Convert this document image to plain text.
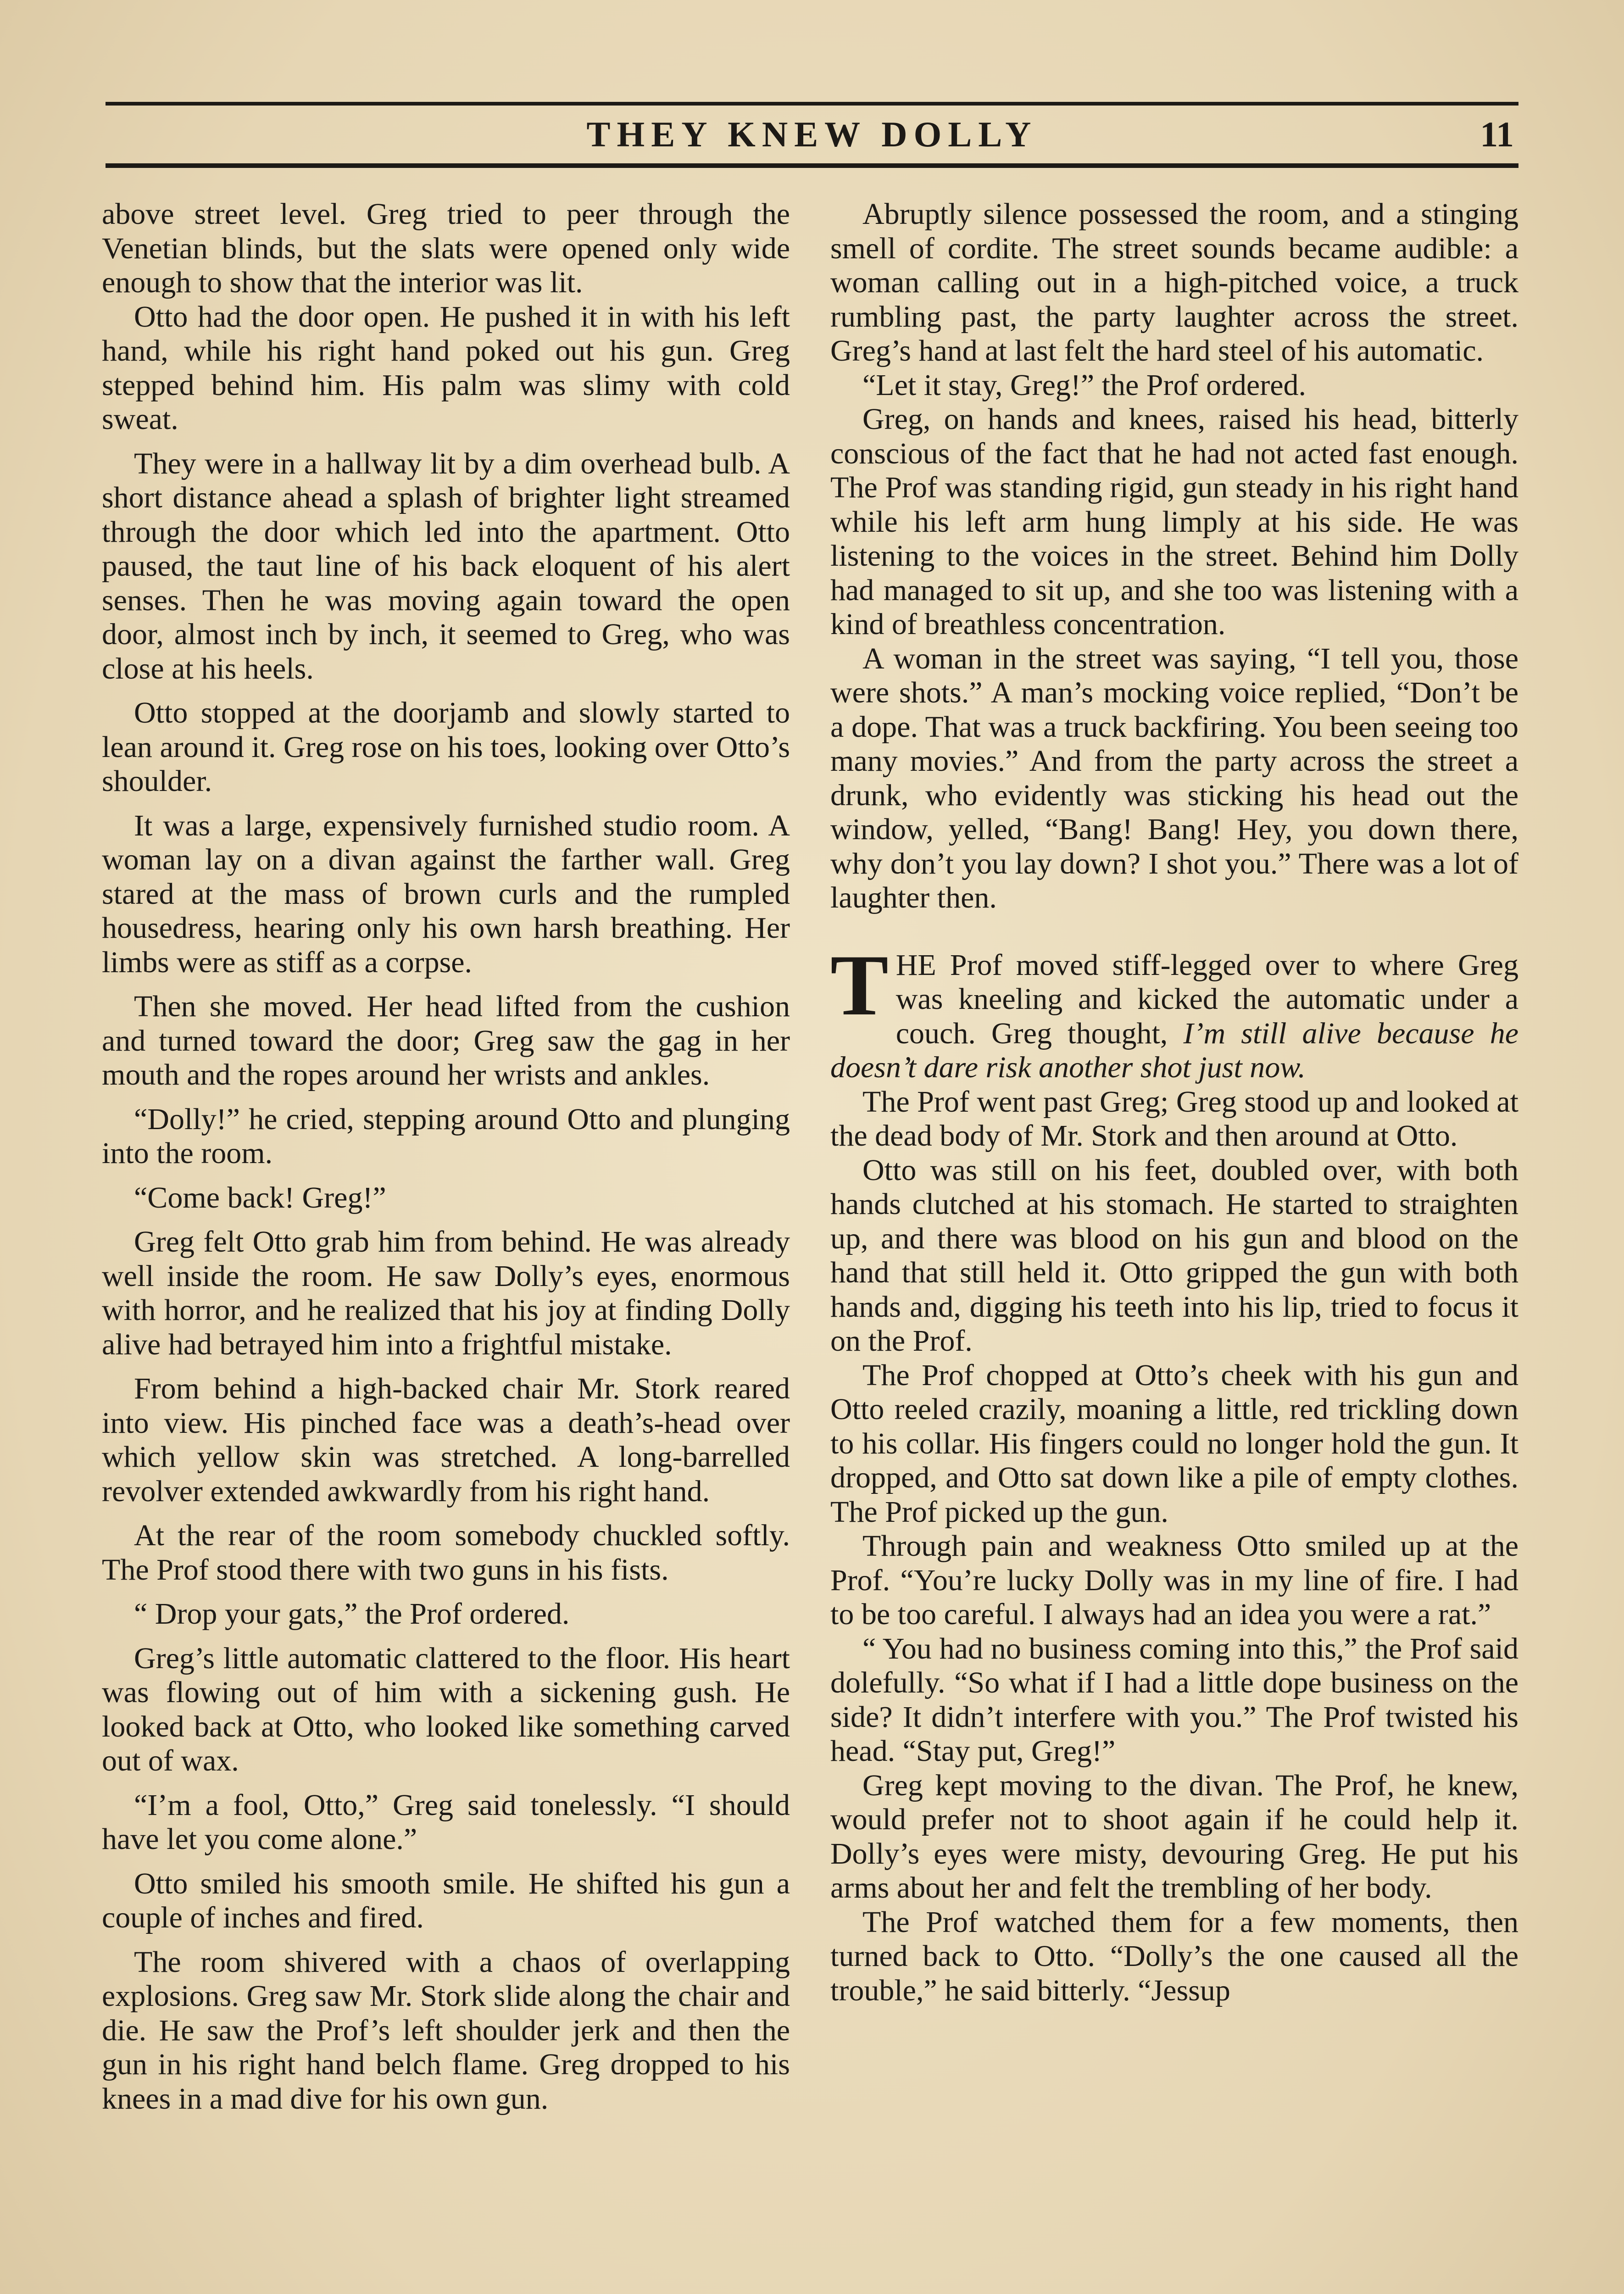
THEY KNEW DOLLY	11

above street level. Greg tried to peer through the Venetian blinds, but the slats were opened only wide enough to show that the interior was lit.

Otto had the door open. He pushed it in with his left hand, while his right hand poked out his gun. Greg stepped behind him. His palm was slimy with cold sweat.

They were in a hallway lit by a dim overhead bulb. A short distance ahead a splash of brighter light streamed through the door which led into the apartment. Otto paused, the taut line of his back eloquent of his alert senses. Then he was moving again toward the open door, almost inch by inch, it seemed to Greg, who was close at his heels.

Otto stopped at the doorjamb and slowly started to lean around it. Greg rose on his toes, looking over Otto’s shoulder.

It was a large, expensively furnished studio room. A woman lay on a divan against the farther wall. Greg stared at the mass of brown curls and the rumpled housedress, hearing only his own harsh breathing. Her limbs were as stiff as a corpse.

Then she moved. Her head lifted from the cushion and turned toward the door; Greg saw the gag in her mouth and the ropes around her wrists and ankles.

“Dolly!” he cried, stepping around Otto and plunging into the room.

“Come back! Greg!”

Greg felt Otto grab him from behind. He was already well inside the room. He saw Dolly’s eyes, enormous with horror, and he realized that his joy at finding Dolly alive had betrayed him into a frightful mistake.

From behind a high-backed chair Mr. Stork reared into view. His pinched face was a death’s-head over which yellow skin was stretched. A long-barrelled revolver extended awkwardly from his right hand.

At the rear of the room somebody chuckled softly. The Prof stood there with two guns in his fists.

“ Drop your gats,” the Prof ordered.

Greg’s little automatic clattered to the floor. His heart was flowing out of him with a sickening gush. He looked back at Otto, who looked like something carved out of wax.

“I’m a fool, Otto,” Greg said tonelessly. “I should have let you come alone.”

Otto smiled his smooth smile. He shifted his gun a couple of inches and fired.

The room shivered with a chaos of overlapping explosions. Greg saw Mr. Stork slide along the chair and die. He saw the Prof’s left shoulder jerk and then the gun in his right hand belch flame. Greg dropped to his knees in a mad dive for his own gun.

Abruptly silence possessed the room, and a stinging smell of cordite. The street sounds became audible: a woman calling out in a high-pitched voice, a truck rumbling past, the party laughter across the street. Greg’s hand at last felt the hard steel of his automatic.

“Let it stay, Greg!” the Prof ordered.

Greg, on hands and knees, raised his head, bitterly conscious of the fact that he had not acted fast enough. The Prof was standing rigid, gun steady in his right hand while his left arm hung limply at his side. He was listening to the voices in the street. Behind him Dolly had managed to sit up, and she too was listening with a kind of breathless concentration.

A woman in the street was saying, “I tell you, those were shots.” A man’s mocking voice replied, “Don’t be a dope. That was a truck backfiring. You been seeing too many movies.” And from the party across the street a drunk, who evidently was sticking his head out the window, yelled, “Bang! Bang! Hey, you down there, why don’t you lay down? I shot you.” There was a lot of laughter then.

THE Prof moved stiff-legged over to where Greg was kneeling and kicked the automatic under a couch. Greg thought, I’m still alive because he doesn’t dare risk another shot just now.

The Prof went past Greg; Greg stood up and looked at the dead body of Mr. Stork and then around at Otto.

Otto was still on his feet, doubled over, with both hands clutched at his stomach. He started to straighten up, and there was blood on his gun and blood on the hand that still held it. Otto gripped the gun with both hands and, digging his teeth into his lip, tried to focus it on the Prof.

The Prof chopped at Otto’s cheek with his gun and Otto reeled crazily, moaning a little, red trickling down to his collar. His fingers could no longer hold the gun. It dropped, and Otto sat down like a pile of empty clothes. The Prof picked up the gun.

Through pain and weakness Otto smiled up at the Prof. “You’re lucky Dolly was in my line of fire. I had to be too careful. I always had an idea you were a rat.”

“ You had no business coming into this,” the Prof said dolefully. “So what if I had a little dope business on the side? It didn’t interfere with you.” The Prof twisted his head. “Stay put, Greg!”

Greg kept moving to the divan. The Prof, he knew, would prefer not to shoot again if he could help it. Dolly’s eyes were misty, devouring Greg. He put his arms about her and felt the trembling of her body.

The Prof watched them for a few moments, then turned back to Otto. “Dolly’s the one caused all the trouble,” he said bitterly. “Jessup
